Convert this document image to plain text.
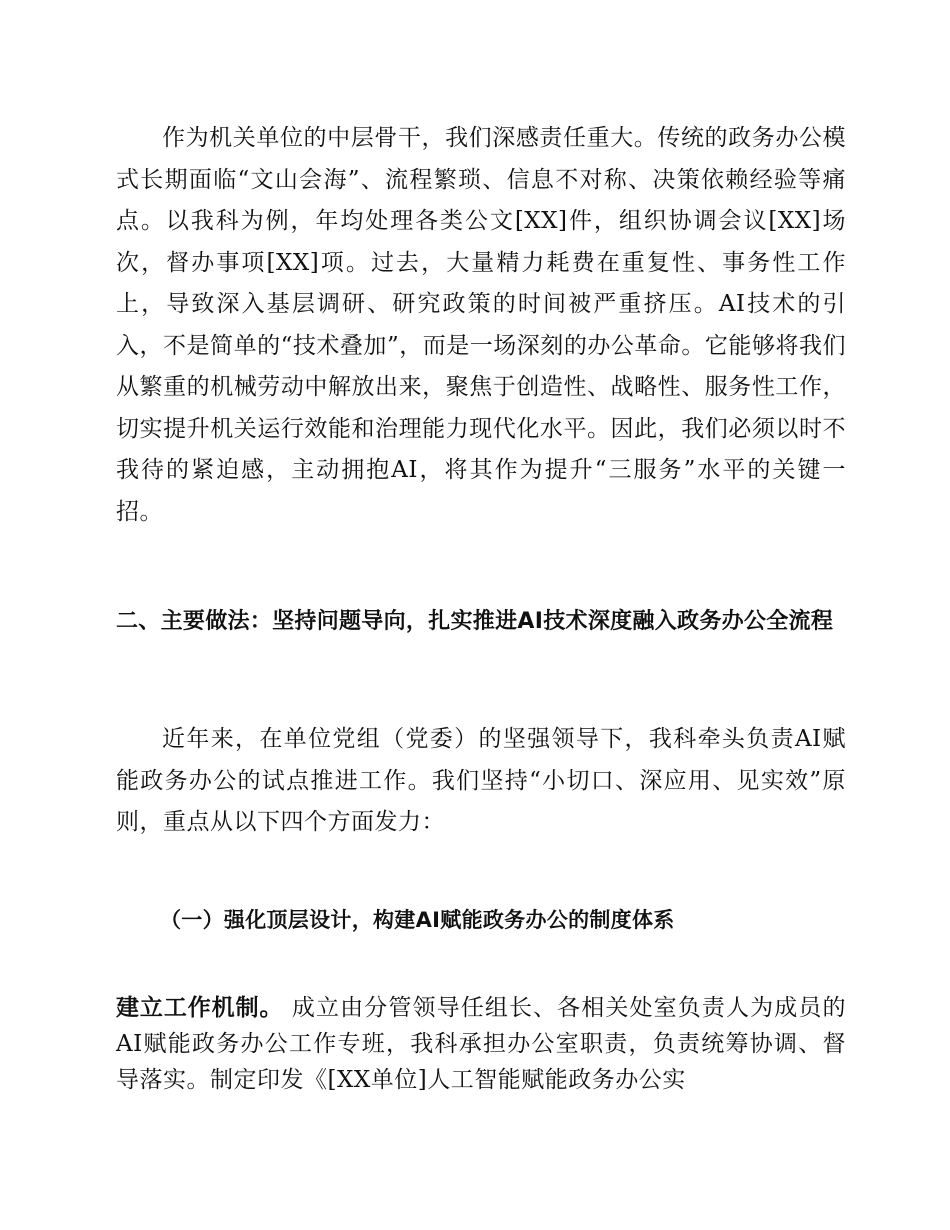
作为机关单位的中层骨干，我们深感责任重大。传统的政务办公模式长期面临“文山会海”、流程繁琐、信息不对称、决策依赖经验等痛点。以我科为例，年均处理各类公文[XX]件，组织协调会议[XX]场次，督办事项[XX]项。过去，大量精力耗费在重复性、事务性工作上，导致深入基层调研、研究政策的时间被严重挤压。AI技术的引入，不是简单的“技术叠加”，而是一场深刻的办公革命。它能够将我们从繁重的机械劳动中解放出来，聚焦于创造性、战略性、服务性工作，切实提升机关运行效能和治理能力现代化水平。因此，我们必须以时不我待的紧迫感，主动拥抱AI，将其作为提升“三服务”水平的关键一招。

二、主要做法：坚持问题导向，扎实推进AI技术深度融入政务办公全流程

近年来，在单位党组（党委）的坚强领导下，我科牵头负责AI赋能政务办公的试点推进工作。我们坚持“小切口、深应用、见实效”原则，重点从以下四个方面发力：

（一）强化顶层设计，构建AI赋能政务办公的制度体系

建立工作机制。 成立由分管领导任组长、各相关处室负责人为成员的AI赋能政务办公工作专班，我科承担办公室职责，负责统筹协调、督导落实。制定印发《[XX单位]人工智能赋能政务办公实
